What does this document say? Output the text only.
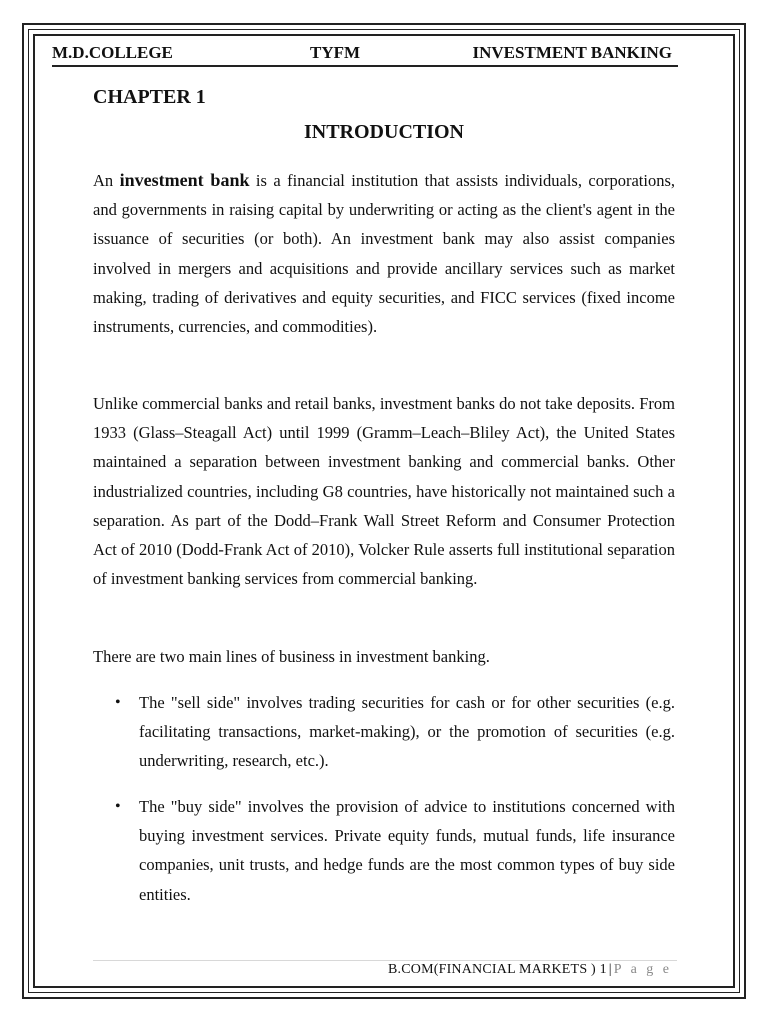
M.D.COLLEGE	TYFM	INVESTMENT BANKING
CHAPTER 1
INTRODUCTION

An investment bank is a financial institution that assists individuals, corporations, and governments in raising capital by underwriting or acting as the client's agent in the issuance of securities (or both). An investment bank may also assist companies involved in mergers and acquisitions and provide ancillary services such as market making, trading of derivatives and equity securities, and FICC services (fixed income instruments, currencies, and commodities).

Unlike commercial banks and retail banks, investment banks do not take deposits. From 1933 (Glass–Steagall Act) until 1999 (Gramm–Leach–Bliley Act), the United States maintained a separation between investment banking and commercial banks. Other industrialized countries, including G8 countries, have historically not maintained such a separation. As part of the Dodd–Frank Wall Street Reform and Consumer Protection Act of 2010 (Dodd-Frank Act of 2010), Volcker Rule asserts full institutional separation of investment banking services from commercial banking.

There are two main lines of business in investment banking.

• The "sell side" involves trading securities for cash or for other securities (e.g. facilitating transactions, market-making), or the promotion of securities (e.g. underwriting, research, etc.).
• The "buy side" involves the provision of advice to institutions concerned with buying investment services. Private equity funds, mutual funds, life insurance companies, unit trusts, and hedge funds are the most common types of buy side entities.
B.COM(FINANCIAL MARKETS ) 1 | P a g e
